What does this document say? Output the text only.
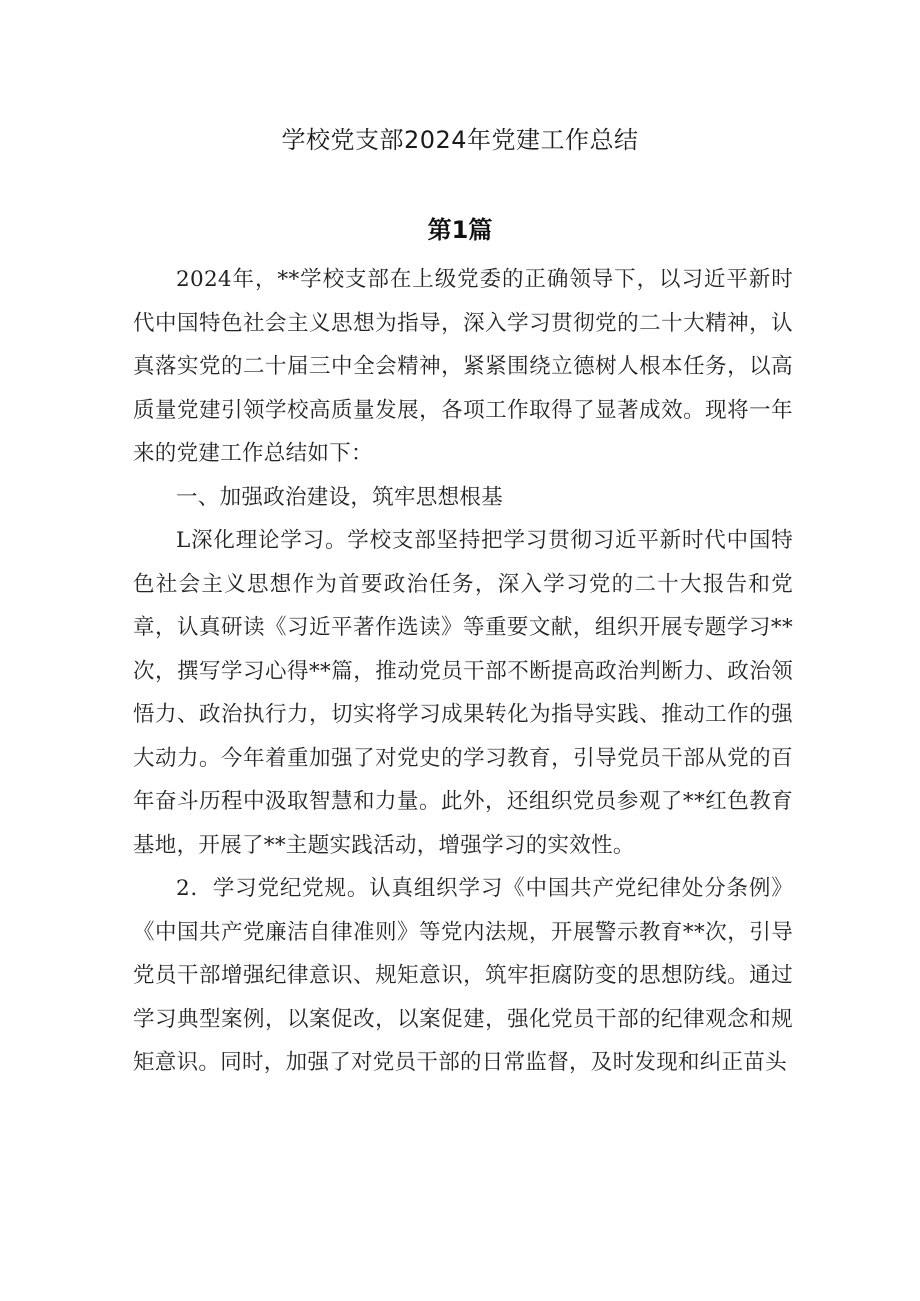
学校党支部2024年党建工作总结
第1篇

2024年，**学校支部在上级党委的正确领导下，以习近平新时代中国特色社会主义思想为指导，深入学习贯彻党的二十大精神，认真落实党的二十届三中全会精神，紧紧围绕立德树人根本任务，以高质量党建引领学校高质量发展，各项工作取得了显著成效。现将一年来的党建工作总结如下：

一、加强政治建设，筑牢思想根基

L深化理论学习。学校支部坚持把学习贯彻习近平新时代中国特色社会主义思想作为首要政治任务，深入学习党的二十大报告和党章，认真研读《习近平著作选读》等重要文献，组织开展专题学习**次，撰写学习心得**篇，推动党员干部不断提高政治判断力、政治领悟力、政治执行力，切实将学习成果转化为指导实践、推动工作的强大动力。今年着重加强了对党史的学习教育，引导党员干部从党的百年奋斗历程中汲取智慧和力量。此外，还组织党员参观了**红色教育基地，开展了**主题实践活动，增强学习的实效性。

2．学习党纪党规。认真组织学习《中国共产党纪律处分条例》《中国共产党廉洁自律准则》等党内法规，开展警示教育**次，引导党员干部增强纪律意识、规矩意识，筑牢拒腐防变的思想防线。通过学习典型案例，以案促改，以案促建，强化党员干部的纪律观念和规矩意识。同时，加强了对党员干部的日常监督，及时发现和纠正苗头
